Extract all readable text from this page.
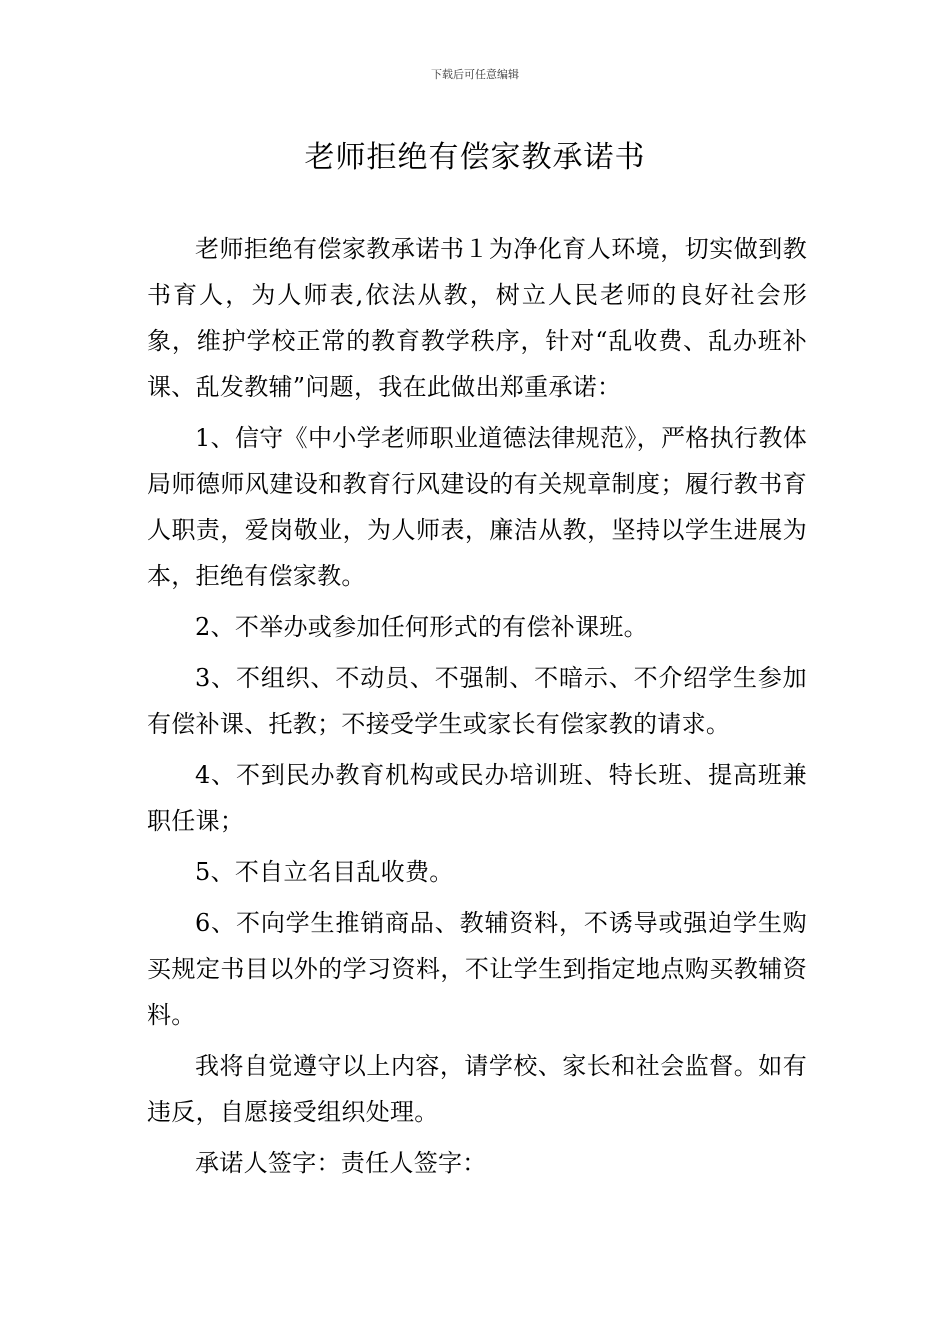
下载后可任意编辑
老师拒绝有偿家教承诺书

老师拒绝有偿家教承诺书１为净化育人环境，切实做到教书育人，为人师表,依法从教，树立人民老师的良好社会形象，维护学校正常的教育教学秩序，针对“乱收费、乱办班补课、乱发教辅”问题，我在此做出郑重承诺：

1、信守《中小学老师职业道德法律规范》，严格执行教体局师德师风建设和教育行风建设的有关规章制度；履行教书育人职责，爱岗敬业，为人师表，廉洁从教，坚持以学生进展为本，拒绝有偿家教。

2、不举办或参加任何形式的有偿补课班。

3、不组织、不动员、不强制、不暗示、不介绍学生参加有偿补课、托教；不接受学生或家长有偿家教的请求。

4、不到民办教育机构或民办培训班、特长班、提高班兼职任课；

5、不自立名目乱收费。

6、不向学生推销商品、教辅资料，不诱导或强迫学生购买规定书目以外的学习资料，不让学生到指定地点购买教辅资料。

我将自觉遵守以上内容，请学校、家长和社会监督。如有违反，自愿接受组织处理。

承诺人签字：责任人签字：
